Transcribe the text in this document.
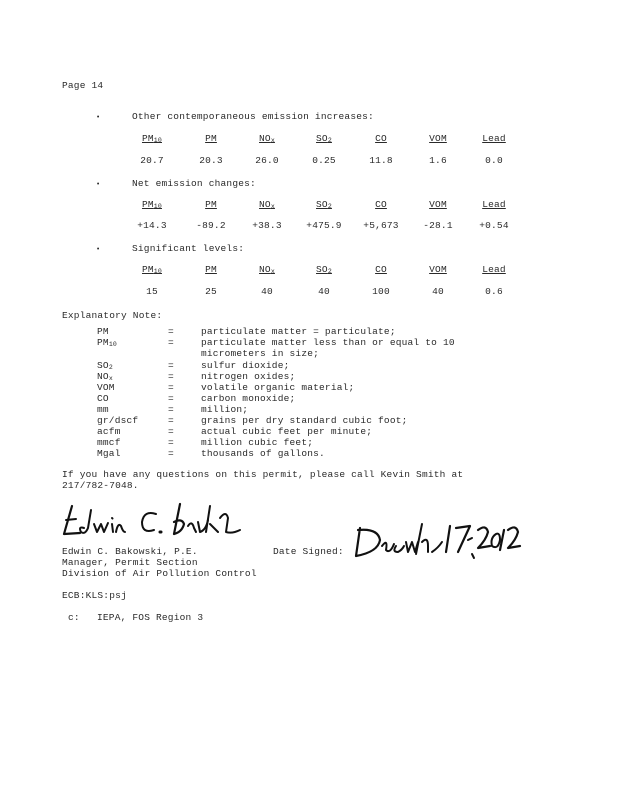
Page 14
•	Other contemporaneous emission increases:
$PM_{10}$	PM	$NO_x$	$SO_2$	CO	VOM	Lead
20.7	20.3	26.0	0.25	11.8	1.6	0.0
•	Net emission changes:
$PM_{10}$	PM	$NO_x$	$SO_2$	CO	VOM	Lead
+14.3	-89.2	+38.3	+475.9	+5,673	-28.1	+0.54
•	Significant levels:
$PM_{10}$	PM	$NO_x$	$SO_2$	CO	VOM	Lead
15	25	40	40	100	40	0.6
Explanatory Note:
PM	=	particulate matter = particulate;
$PM_{10}$	=	particulate matter less than or equal to 10
micrometers in size;
$SO_2$	=	sulfur dioxide;
$NO_x$	=	nitrogen oxides;
VOM	=	volatile organic material;
CO	=	carbon monoxide;
mm	=	million;
gr/dscf	=	grains per dry standard cubic foot;
acfm	=	actual cubic feet per minute;
mmcf	=	million cubic feet;
Mgal	=	thousands of gallons.
If you have any questions on this permit, please call Kevin Smith at
217/782-7048.
Edwin C. Bakowski, P.E.
Manager, Permit Section
Division of Air Pollution Control
Date Signed:
ECB:KLS:psj
c: IEPA, FOS Region 3
